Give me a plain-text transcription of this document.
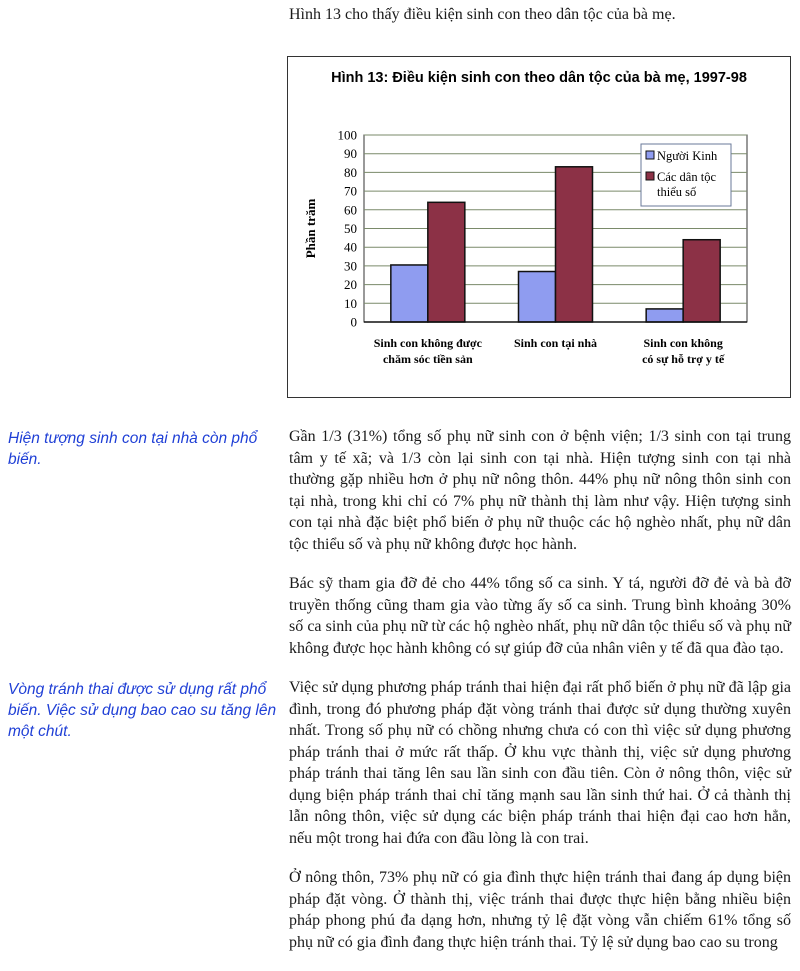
Hình 13 cho thấy điều kiện sinh con theo dân tộc của bà mẹ.
Hình 13: Điều kiện sinh con theo dân tộc của bà mẹ, 1997-98
0
10
20
30
40
50
60
70
80
90
100
Phần trăm
Sinh con không được
chăm sóc tiền sản
Sinh con tại nhà	Sinh con không
có sự hỗ trợ y tế
Người Kinh
Các dân tộc
thiểu số

Hiện tượng sinh con tại nhà còn phổ biến.

Gần 1/3 (31%) tổng số phụ nữ sinh con ở bệnh viện; 1/3 sinh con tại trung tâm y tế xã; và 1/3 còn lại sinh con tại nhà. Hiện tượng sinh con tại nhà thường gặp nhiều hơn ở phụ nữ nông thôn. 44% phụ nữ nông thôn sinh con tại nhà, trong khi chỉ có 7% phụ nữ thành thị làm như vậy. Hiện tượng sinh con tại nhà đặc biệt phổ biến ở phụ nữ thuộc các hộ nghèo nhất, phụ nữ dân tộc thiểu số và phụ nữ không được học hành.

Bác sỹ tham gia đỡ đẻ cho 44% tổng số ca sinh. Y tá, người đỡ đẻ và bà đỡ truyền thống cũng tham gia vào từng ấy số ca sinh. Trung bình khoảng 30% số ca sinh của phụ nữ từ các hộ nghèo nhất, phụ nữ dân tộc thiểu số và phụ nữ không được học hành không có sự giúp đỡ của nhân viên y tế đã qua đào tạo.

Vòng tránh thai được sử dụng rất phổ biến. Việc sử dụng bao cao su tăng lên một chút.

Việc sử dụng phương pháp tránh thai hiện đại rất phổ biến ở phụ nữ đã lập gia đình, trong đó phương pháp đặt vòng tránh thai được sử dụng thường xuyên nhất. Trong số phụ nữ có chồng nhưng chưa có con thì việc sử dụng phương pháp tránh thai ở mức rất thấp. Ở khu vực thành thị, việc sử dụng phương pháp tránh thai tăng lên sau lần sinh con đầu tiên. Còn ở nông thôn, việc sử dụng biện pháp tránh thai chỉ tăng mạnh sau lần sinh thứ hai. Ở cả thành thị lẫn nông thôn, việc sử dụng các biện pháp tránh thai hiện đại cao hơn hẳn, nếu một trong hai đứa con đầu lòng là con trai.

Ở nông thôn, 73% phụ nữ có gia đình thực hiện tránh thai đang áp dụng biện pháp đặt vòng. Ở thành thị, việc tránh thai được thực hiện bằng nhiều biện pháp phong phú đa dạng hơn, nhưng tỷ lệ đặt vòng vẫn chiếm 61% tổng số phụ nữ có gia đình đang thực hiện tránh thai. Tỷ lệ sử dụng bao cao su trong
